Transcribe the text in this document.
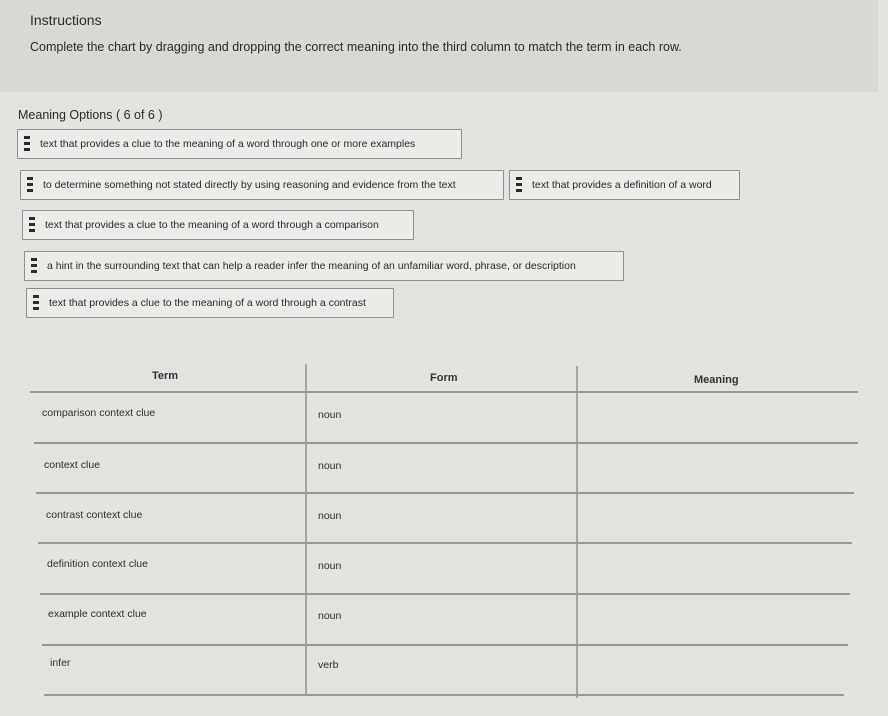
Instructions
Complete the chart by dragging and dropping the correct meaning into the third column to match the term in each row.
Meaning Options ( 6 of 6 )
text that provides a clue to the meaning of a word through one or more examples
to determine something not stated directly by using reasoning and evidence from the text	text that provides a definition of a word
text that provides a clue to the meaning of a word through a comparison
a hint in the surrounding text that can help a reader infer the meaning of an unfamiliar word, phrase, or description
text that provides a clue to the meaning of a word through a contrast
Term	Form	Meaning
comparison context clue	noun
context clue	noun
contrast context clue	noun
definition context clue	noun
example context clue	noun
infer	verb
